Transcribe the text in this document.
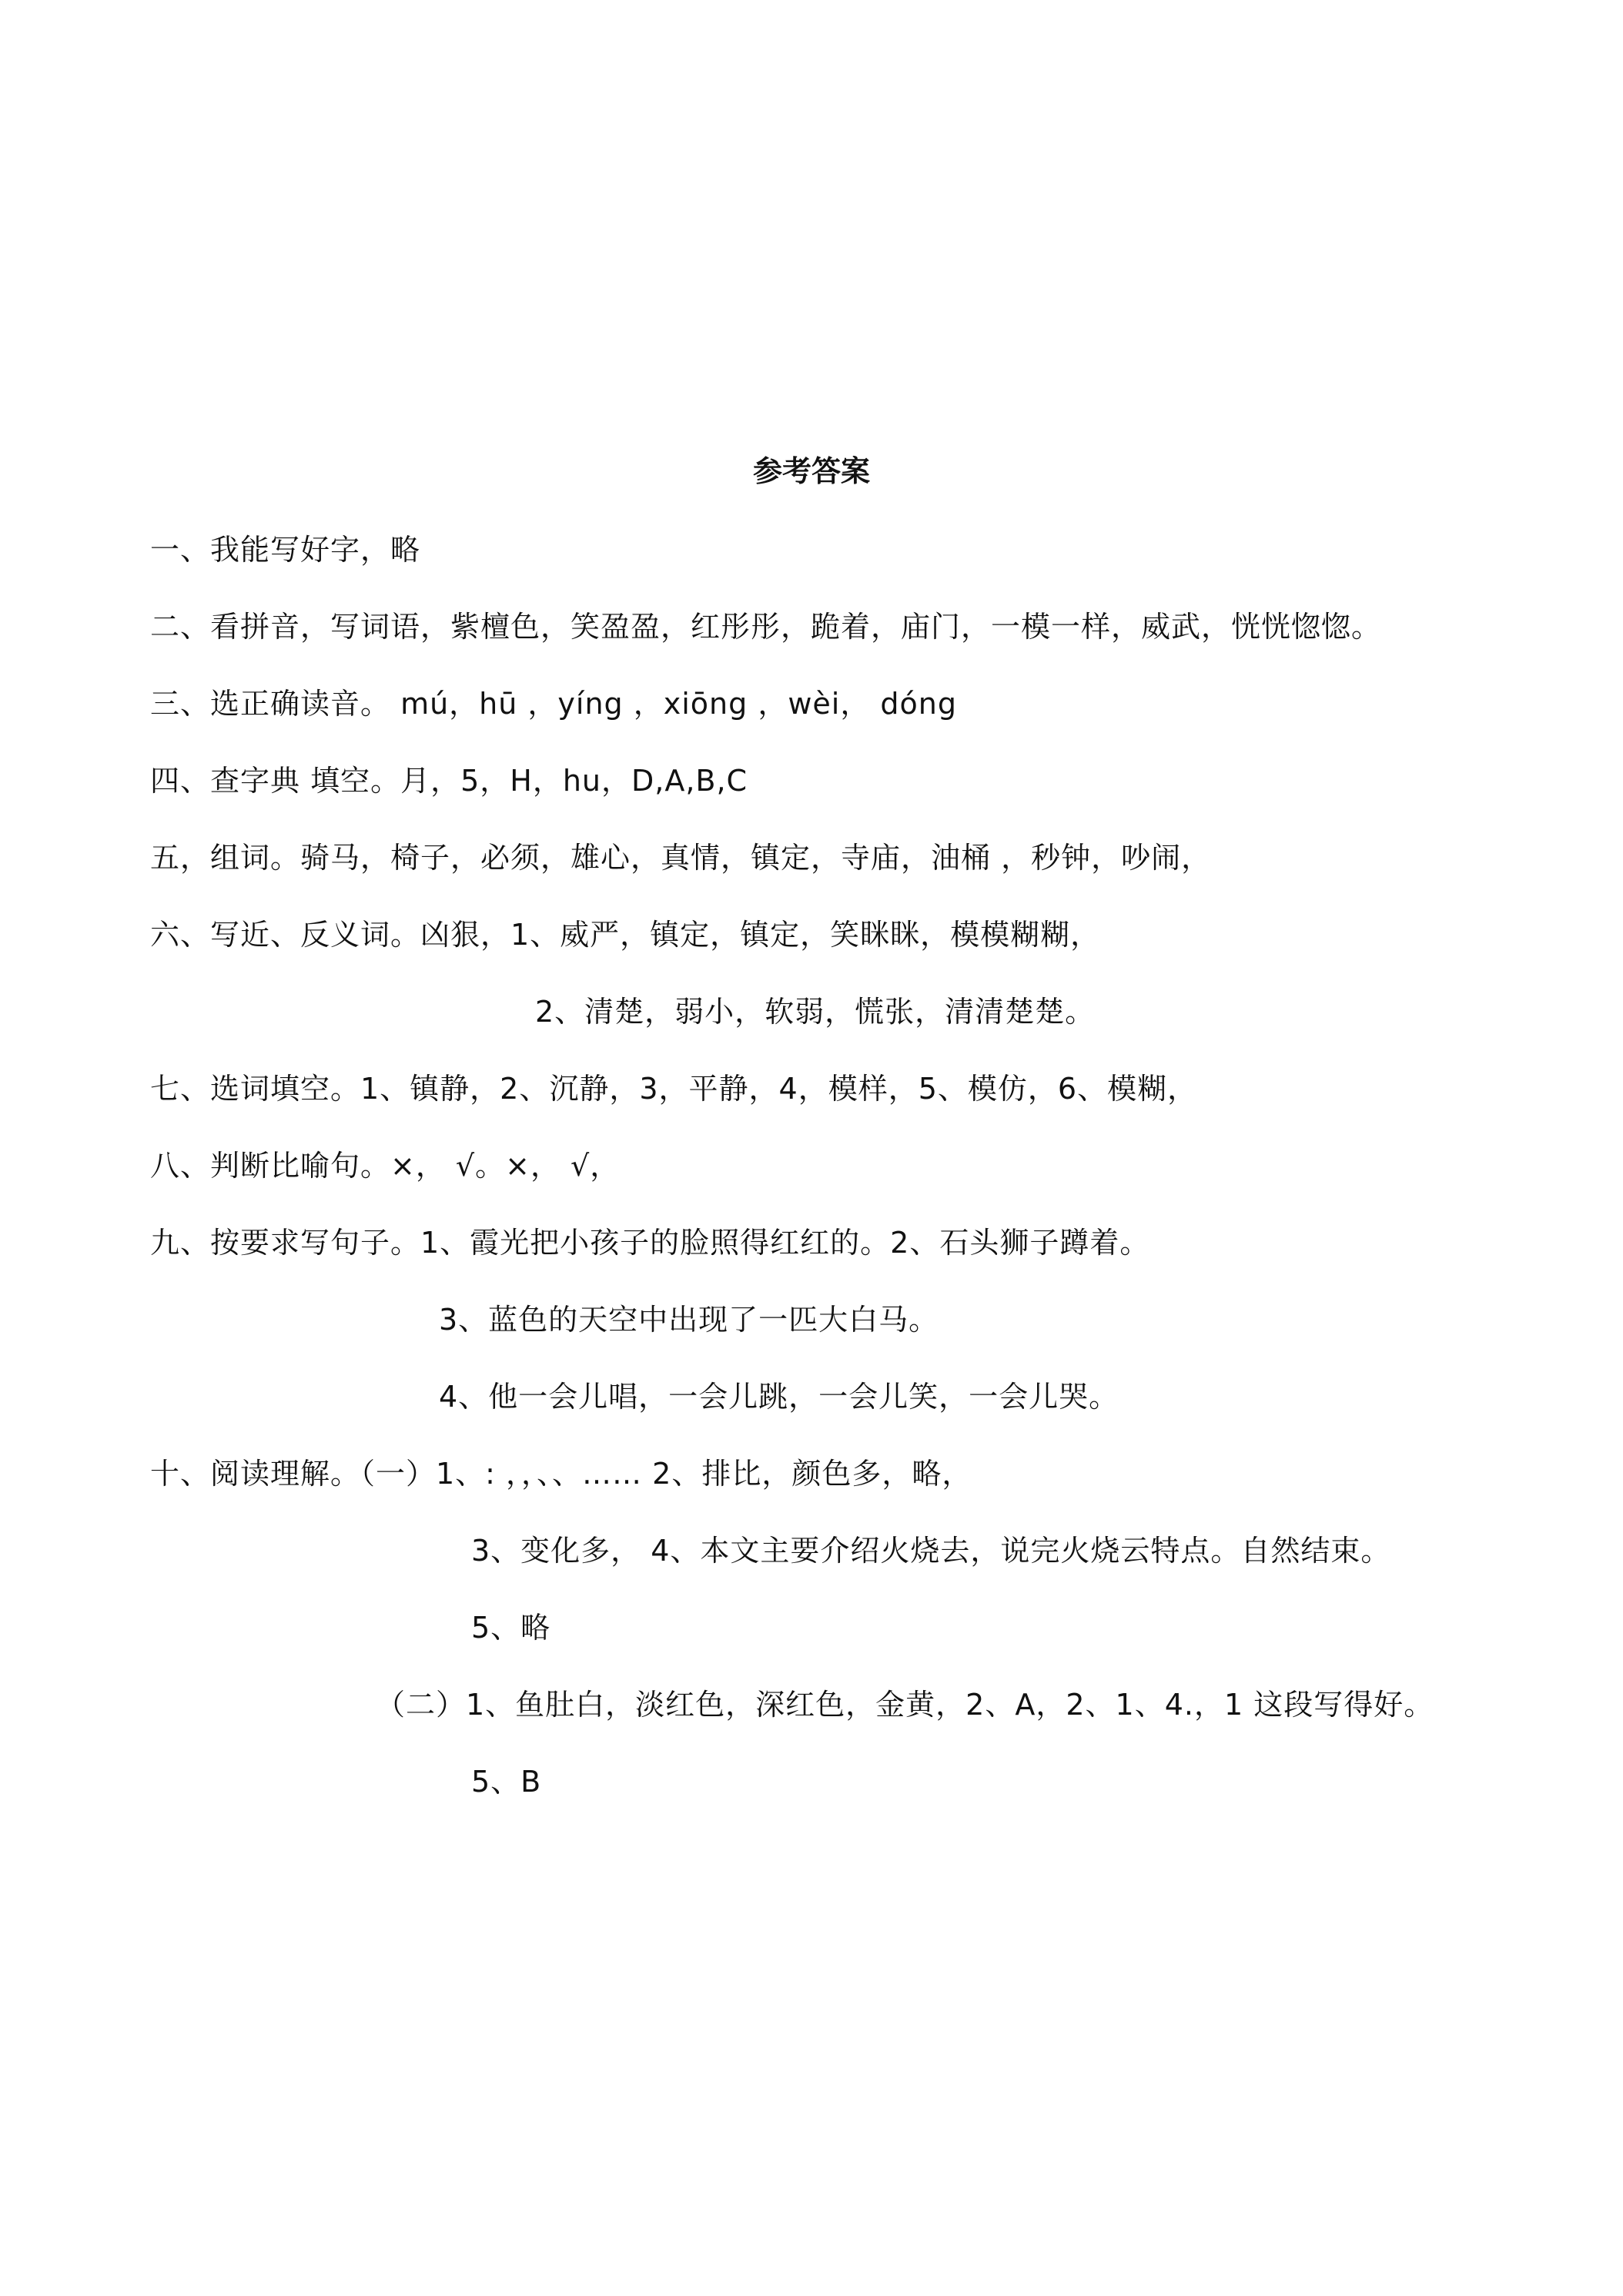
参考答案
一、我能写好字，略
二、看拼音，写词语，紫檀色，笑盈盈，红彤彤，跪着，庙门，一模一样，威武，恍恍惚惚。
三、选正确读音。 mú，hū ，yíng ，xiōng ，wèi， dóng
四、查字典 填空。月，5，H，hu，D,A,B,C
五，组词。骑马，椅子，必须，雄心，真情，镇定，寺庙，油桶 ，秒钟，吵闹，
六、写近、反义词。凶狠，1、威严，镇定，镇定，笑眯眯，模模糊糊，
2、清楚，弱小，软弱，慌张，清清楚楚。
七、选词填空。1、镇静，2、沉静，3，平静，4，模样，5、模仿，6、模糊，
八、判断比喻句。×， √。×， √，
九、按要求写句子。1、霞光把小孩子的脸照得红红的。2、石头狮子蹲着。
3、蓝色的天空中出现了一匹大白马。
4、他一会儿唱，一会儿跳，一会儿笑，一会儿哭。
十、阅读理解。（一）1、: ，，、、…… 2、排比，颜色多，略，
3、变化多， 4、本文主要介绍火烧去，说完火烧云特点。自然结束。
5、略
（二）1、鱼肚白，淡红色，深红色，金黄，2、A，2、1、4.，1 这段写得好。
5、B
